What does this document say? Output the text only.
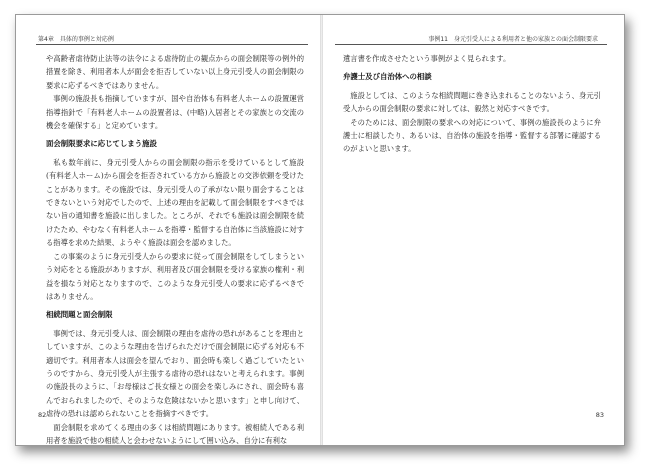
第4章 具体的事例と対応例
や高齢者虐待防止法等の法令による虐待防止の観点からの面会制限等の例外的措置を除き、利用者本人が面会を拒否していない以上身元引受人の面会制限の要求に応ずるべきではありません。
事例の施設長も指摘していますが、国や自治体も有料老人ホームの設置運営指導指針で「有料老人ホームの設置者は、(中略)入居者とその家族との交流の機会を確保する」と定めています。
面会制限要求に応じてしまう施設
私も数年前に、身元引受人からの面会制限の指示を受けているとして施設(有料老人ホーム)から面会を拒否されている方から施設との交渉依頼を受けたことがあります。その施設では、身元引受人の了承がない限り面会することはできないという対応でしたので、上述の理由を記載して面会制限をすべきではない旨の通知書を施設に出しました。ところが、それでも施設は面会制限を続けたため、やむなく有料老人ホームを指導・監督する自治体に当該施設に対する指導を求めた結果、ようやく施設は面会を認めました。
この事案のように身元引受人からの要求に従って面会制限をしてしまうという対応をとる施設がありますが、利用者及び面会制限を受ける家族の権利・利益を損なう対応となりますので、このような身元引受人の要求に応ずるべきではありません。
相続問題と面会制限
事例では、身元引受人は、面会制限の理由を虐待の恐れがあることを理由としていますが、このような理由を告げられただけで面会制限に応ずる対応も不適切です。利用者本人は面会を望んでおり、面会時も楽しく過ごしていたというのですから、身元引受人が主張する虐待の恐れはないと考えられます。事例の施設長のように、「お母様はご長女様との面会を楽しみにされ、面会時も喜んでおられましたので、そのような危険はないかと思います」と申し向けて、虐待の恐れは認められないことを指摘すべきです。
面会制限を求めてくる理由の多くは相続問題にあります。被相続人である利用者を施設で他の相続人と会わせないようにして囲い込み、自分に有利な
82
事例11 身元引受人による利用者と他の家族との面会制限要求
遺言書を作成させたという事例がよく見られます。
弁護士及び自治体への相談
施設としては、このような相続問題に巻き込まれることのないよう、身元引受人からの面会制限の要求に対しては、毅然と対応すべきです。
そのためには、面会制限の要求への対応について、事例の施設長のように弁護士に相談したり、あるいは、自治体の施設を指導・監督する部署に確認するのがよいと思います。
83
